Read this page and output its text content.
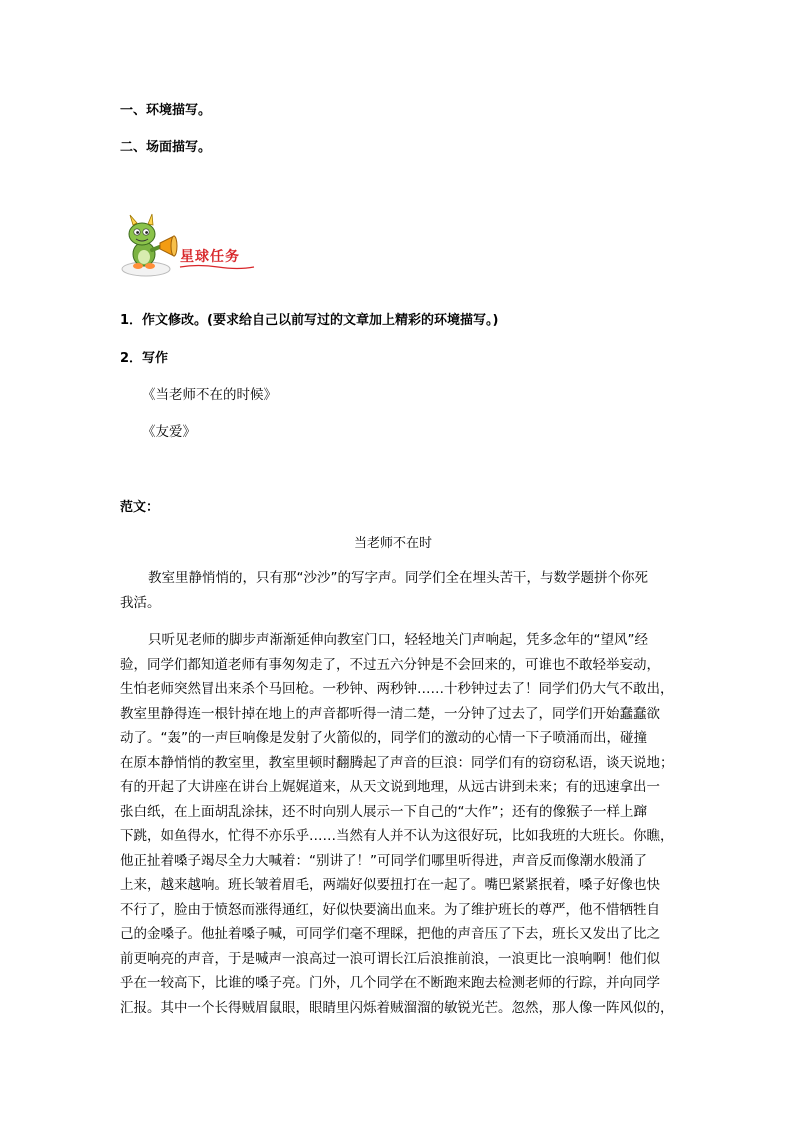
一、环境描写。
二、场面描写。
星球任务
1．作文修改。(要求给自己以前写过的文章加上精彩的环境描写。)
2．写作
《当老师不在的时候》
《友爱》
范文：
当老师不在时
教室里静悄悄的，只有那“沙沙”的写字声。同学们全在埋头苦干，与数学题拼个你死
我活。
只听见老师的脚步声渐渐延伸向教室门口，轻轻地关门声响起，凭多念年的“望风”经
验，同学们都知道老师有事匆匆走了，不过五六分钟是不会回来的，可谁也不敢轻举妄动，
生怕老师突然冒出来杀个马回枪。一秒钟、两秒钟……十秒钟过去了！同学们仍大气不敢出，
教室里静得连一根针掉在地上的声音都听得一清二楚，一分钟了过去了，同学们开始蠢蠢欲
动了。“轰”的一声巨响像是发射了火箭似的，同学们的激动的心情一下子喷涌而出，碰撞
在原本静悄悄的教室里，教室里顿时翻腾起了声音的巨浪：同学们有的窃窃私语，谈天说地；
有的开起了大讲座在讲台上娓娓道来，从天文说到地理，从远古讲到未来；有的迅速拿出一
张白纸，在上面胡乱涂抹，还不时向别人展示一下自己的“大作”；还有的像猴子一样上蹿
下跳，如鱼得水，忙得不亦乐乎……当然有人并不认为这很好玩，比如我班的大班长。你瞧，
他正扯着嗓子竭尽全力大喊着：“别讲了！”可同学们哪里听得进，声音反而像潮水般涌了
上来，越来越响。班长皱着眉毛，两端好似要扭打在一起了。嘴巴紧紧抿着，嗓子好像也快
不行了，脸由于愤怒而涨得通红，好似快要滴出血来。为了维护班长的尊严，他不惜牺牲自
己的金嗓子。他扯着嗓子喊，可同学们毫不理睬，把他的声音压了下去，班长又发出了比之
前更响亮的声音，于是喊声一浪高过一浪可谓长江后浪推前浪，一浪更比一浪响啊！他们似
乎在一较高下，比谁的嗓子亮。门外，几个同学在不断跑来跑去检测老师的行踪，并向同学
汇报。其中一个长得贼眉鼠眼，眼睛里闪烁着贼溜溜的敏锐光芒。忽然，那人像一阵风似的，
